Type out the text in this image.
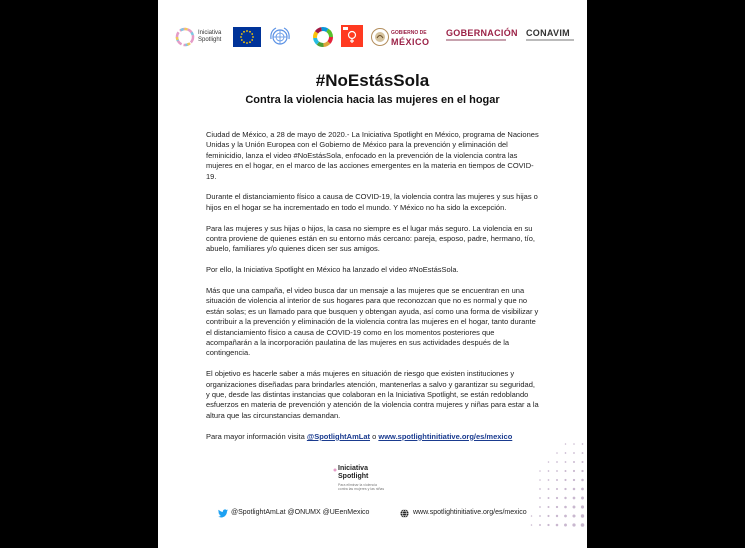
Iniciativa
Spotlight
GOBIERNO DE
MÉXICO
GOBERNACIÓN CONAVIM
#NoEstásSola
Contra la violencia hacia las mujeres en el hogar

Ciudad de México, a 28 de mayo de 2020.- La Iniciativa Spotlight en México, programa de Naciones Unidas y la Unión Europea con el Gobierno de México para la prevención y eliminación del feminicidio, lanza el video #NoEstásSola, enfocado en la prevención de la violencia contra las mujeres en el hogar, en el marco de las acciones emergentes en la materia en tiempos de COVID-19.

Durante el distanciamiento físico a causa de COVID-19, la violencia contra las mujeres y sus hijas o hijos en el hogar se ha incrementado en todo el mundo. Y México no ha sido la excepción.

Para las mujeres y sus hijas o hijos, la casa no siempre es el lugar más seguro. La violencia en su contra proviene de quienes están en su entorno más cercano: pareja, esposo, padre, hermano, tío, abuelo, familiares y/o quienes dicen ser sus amigos.

Por ello, la Iniciativa Spotlight en México ha lanzado el video #NoEstásSola.

Más que una campaña, el video busca dar un mensaje a las mujeres que se encuentran en una situación de violencia al interior de sus hogares para que reconozcan que no es normal y que no están solas; es un llamado para que busquen y obtengan ayuda, así como una forma de visibilizar y contribuir a la prevención y eliminación de la violencia contra las mujeres en el hogar, tanto durante el distanciamiento físico a causa de COVID-19 como en los momentos posteriores que acompañarán a la incorporación paulatina de las mujeres en sus actividades después de la contingencia.

El objetivo es hacerle saber a más mujeres en situación de riesgo que existen instituciones y organizaciones diseñadas para brindarles atención, mantenerlas a salvo y garantizar su seguridad, y que, desde las distintas instancias que colaboran en la Iniciativa Spotlight, se están redoblando esfuerzos en materia de prevención y atención de la violencia contra mujeres y niñas para estar a la altura que las circunstancias demandan.

Para mayor información visita @SpotlightAmLat o www.spotlightinitiative.org/es/mexico

Iniciativa
Spotlight
Para eliminar la violencia
contra las mujeres y las niñas
@SpotlightAmLat @ONUMX @UEenMexico	www.spotlightinitiative.org/es/mexico
